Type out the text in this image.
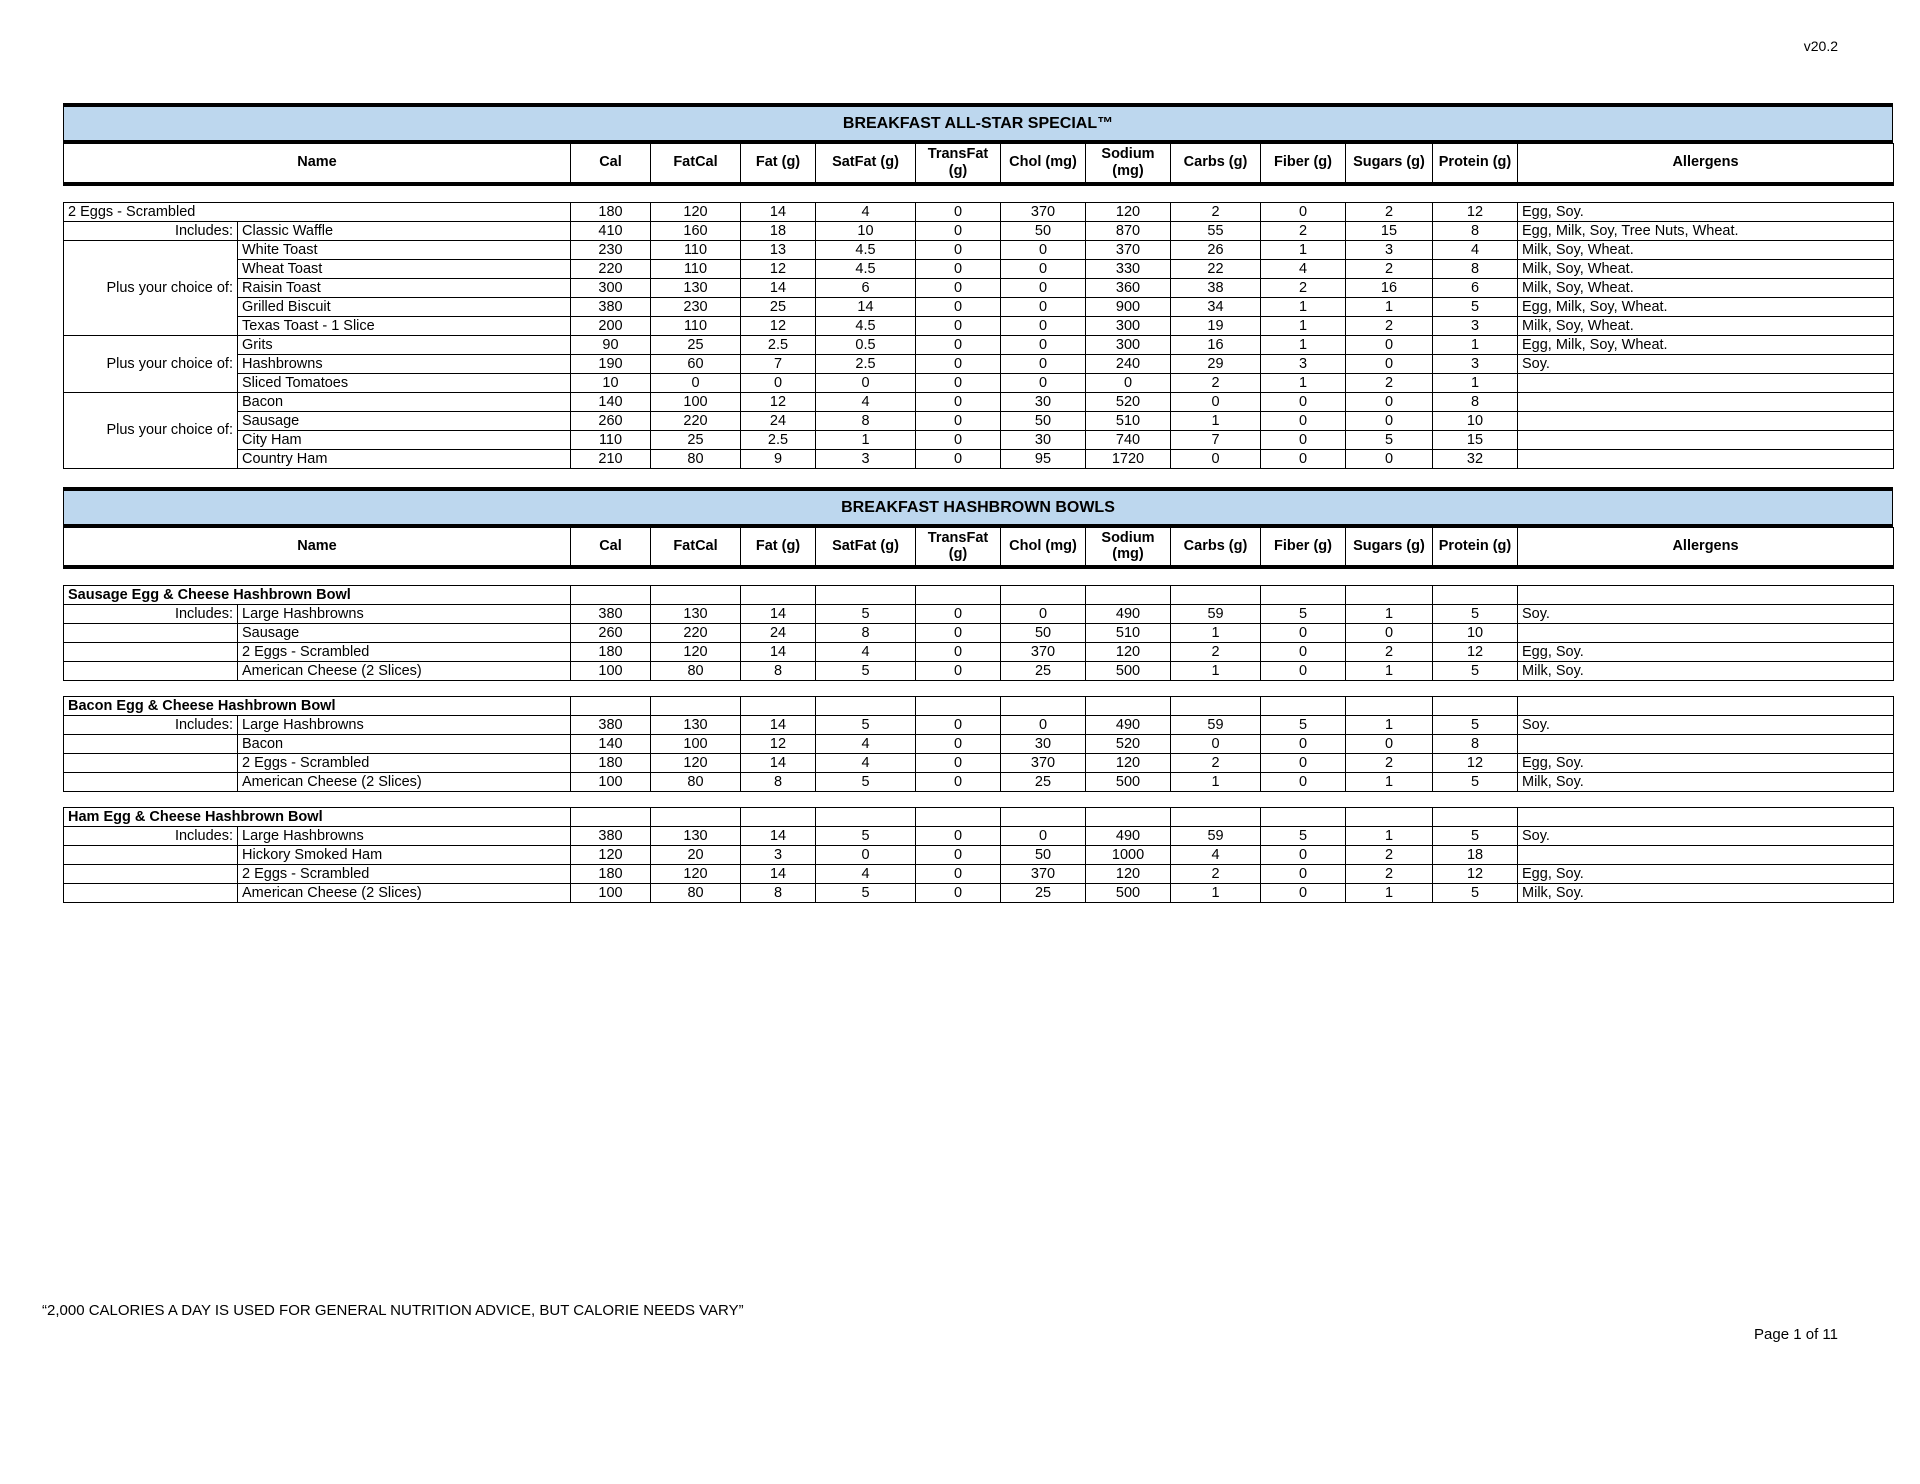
v20.2
BREAKFAST ALL-STAR SPECIAL™
Name	Cal	FatCal	Fat (g)	SatFat (g)	TransFat (g)	Chol (mg)	Sodium (mg)	Carbs (g)	Fiber (g)	Sugars (g)	Protein (g)	Allergens
2 Eggs - Scrambled		180	120	14	4	0	370	120	2	0	2	12	Egg, Soy.
Includes:	Classic Waffle	410	160	18	10	0	50	870	55	2	15	8	Egg, Milk, Soy, Tree Nuts, Wheat.
Plus your choice of:	White Toast	230	110	13	4.5	0	0	370	26	1	3	4	Milk, Soy, Wheat.
	Wheat Toast	220	110	12	4.5	0	0	330	22	4	2	8	Milk, Soy, Wheat.
	Raisin Toast	300	130	14	6	0	0	360	38	2	16	6	Milk, Soy, Wheat.
	Grilled Biscuit	380	230	25	14	0	0	900	34	1	1	5	Egg, Milk, Soy, Wheat.
	Texas Toast - 1 Slice	200	110	12	4.5	0	0	300	19	1	2	3	Milk, Soy, Wheat.
Plus your choice of:	Grits	90	25	2.5	0.5	0	0	300	16	1	0	1	Egg, Milk, Soy, Wheat.
	Hashbrowns	190	60	7	2.5	0	0	240	29	3	0	3	Soy.
	Sliced Tomatoes	10	0	0	0	0	0	0	2	1	2	1	
Plus your choice of:	Bacon	140	100	12	4	0	30	520	0	0	0	8	
	Sausage	260	220	24	8	0	50	510	1	0	0	10	
	City Ham	110	25	2.5	1	0	30	740	7	0	5	15	
	Country Ham	210	80	9	3	0	95	1720	0	0	0	32	
BREAKFAST HASHBROWN BOWLS
Name	Cal	FatCal	Fat (g)	SatFat (g)	TransFat (g)	Chol (mg)	Sodium (mg)	Carbs (g)	Fiber (g)	Sugars (g)	Protein (g)	Allergens
Sausage Egg & Cheese Hashbrown Bowl													
Includes:	Large Hashbrowns	380	130	14	5	0	0	490	59	5	1	5	Soy.
	Sausage	260	220	24	8	0	50	510	1	0	0	10	
	2 Eggs - Scrambled	180	120	14	4	0	370	120	2	0	2	12	Egg, Soy.
	American Cheese (2 Slices)	100	80	8	5	0	25	500	1	0	1	5	Milk, Soy.
Bacon Egg & Cheese Hashbrown Bowl													
Includes:	Large Hashbrowns	380	130	14	5	0	0	490	59	5	1	5	Soy.
	Bacon	140	100	12	4	0	30	520	0	0	0	8	
	2 Eggs - Scrambled	180	120	14	4	0	370	120	2	0	2	12	Egg, Soy.
	American Cheese (2 Slices)	100	80	8	5	0	25	500	1	0	1	5	Milk, Soy.
Ham Egg & Cheese Hashbrown Bowl													
Includes:	Large Hashbrowns	380	130	14	5	0	0	490	59	5	1	5	Soy.
	Hickory Smoked Ham	120	20	3	0	0	50	1000	4	0	2	18	
	2 Eggs - Scrambled	180	120	14	4	0	370	120	2	0	2	12	Egg, Soy.
	American Cheese (2 Slices)	100	80	8	5	0	25	500	1	0	1	5	Milk, Soy.
“2,000 CALORIES A DAY IS USED FOR GENERAL NUTRITION ADVICE, BUT CALORIE NEEDS VARY”
Page 1 of 11
